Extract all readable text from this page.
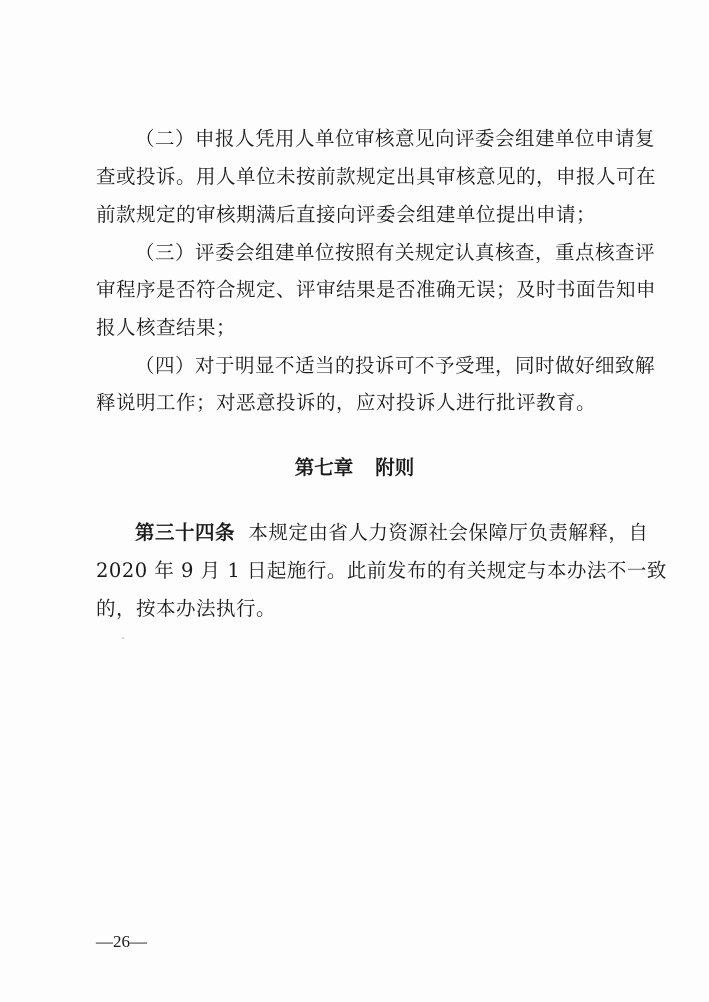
（二）申报人凭用人单位审核意见向评委会组建单位申请复
查或投诉。用人单位未按前款规定出具审核意见的，申报人可在
前款规定的审核期满后直接向评委会组建单位提出申请；
（三）评委会组建单位按照有关规定认真核查，重点核查评
审程序是否符合规定、评审结果是否准确无误；及时书面告知申
报人核查结果；
（四）对于明显不适当的投诉可不予受理，同时做好细致解
释说明工作；对恶意投诉的，应对投诉人进行批评教育。
第七章 附则
第三十四条 本规定由省人力资源社会保障厅负责解释，自
2020 年 9 月 1 日起施行。此前发布的有关规定与本办法不一致
的，按本办法执行。
—26—
